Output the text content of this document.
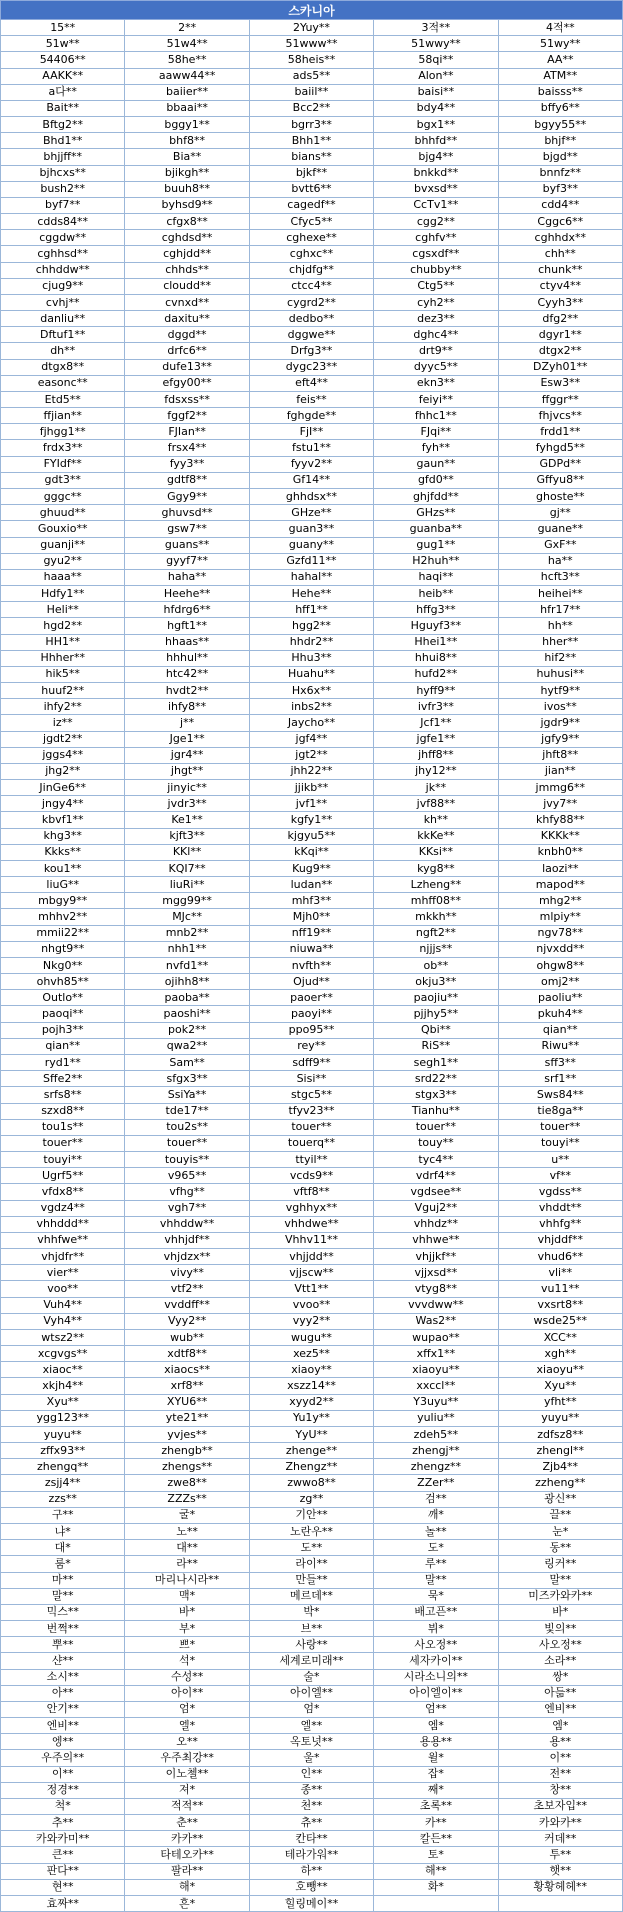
스카니아				
15**	2**	2Yuy**	3적**	4적**
51w**	51w4**	51www**	51wwy**	51wy**
54406**	58he**	58heis**	58qi**	AA**
AAKK**	aaww44**	ads5**	Alon**	ATM**
a다**	baiier**	baiil**	baisi**	baisss**
Bait**	bbaai**	Bcc2**	bdy4**	bffy6**
Bftg2**	bggy1**	bgrr3**	bgx1**	bgyy55**
Bhd1**	bhf8**	Bhh1**	bhhfd**	bhjf**
bhjjff**	Bia**	bians**	bjg4**	bjgd**
bjhcxs**	bjikgh**	bjkf**	bnkkd**	bnnfz**
bush2**	buuh8**	bvtt6**	bvxsd**	byf3**
byf7**	byhsd9**	cagedf**	CcTv1**	cdd4**
cdds84**	cfgx8**	Cfyc5**	cgg2**	Cggc6**
cggdw**	cghdsd**	cghexe**	cghfv**	cghhdx**
cghhsd**	cghjdd**	cghxc**	cgsxdf**	chh**
chhddw**	chhds**	chjdfg**	chubby**	chunk**
cjug9**	cloudd**	ctcc4**	Ctg5**	ctyv4**
cvhj**	cvnxd**	cygrd2**	cyh2**	Cyyh3**
danliu**	daxitu**	dedbo**	dez3**	dfg2**
Dftuf1**	dggd**	dggwe**	dghc4**	dgyr1**
dh**	drfc6**	Drfg3**	drt9**	dtgx2**
dtgx8**	dufe13**	dygc23**	dyyc5**	DZyh01**
easonc**	efgy00**	eft4**	ekn3**	Esw3**
Etd5**	fdsxss**	feis**	feiyi**	ffggr**
ffjian**	fggf2**	fghgde**	fhhc1**	fhjvcs**
fjhgg1**	FJIan**	FjI**	FJqi**	frdd1**
frdx3**	frsx4**	fstu1**	fyh**	fyhgd5**
FYIdf**	fyy3**	fyyv2**	gaun**	GDPd**
gdt3**	gdtf8**	Gf14**	gfd0**	Gffyu8**
gggc**	Ggy9**	ghhdsx**	ghjfdd**	ghoste**
ghuud**	ghuvsd**	GHze**	GHzs**	gj**
Gouxio**	gsw7**	guan3**	guanba**	guane**
guanji**	guans**	guany**	gug1**	GxF**
gyu2**	gyyf7**	Gzfd11**	H2huh**	ha**
haaa**	haha**	hahal**	haqi**	hcft3**
Hdfy1**	Heehe**	Hehe**	heib**	heihei**
Heli**	hfdrg6**	hff1**	hffg3**	hfr17**
hgd2**	hgft1**	hgg2**	Hguyf3**	hh**
HH1**	hhaas**	hhdr2**	Hhei1**	hher**
Hhher**	hhhul**	Hhu3**	hhui8**	hif2**
hik5**	htc42**	Huahu**	hufd2**	huhusi**
huuf2**	hvdt2**	Hx6x**	hyff9**	hytf9**
ihfy2**	ihfy8**	inbs2**	ivfr3**	ivos**
iz**	j**	Jaycho**	Jcf1**	jgdr9**
jgdt2**	Jge1**	jgf4**	jgfe1**	jgfy9**
jggs4**	jgr4**	jgt2**	jhff8**	jhft8**
jhg2**	jhgt**	jhh22**	jhy12**	jian**
JinGe6**	jinyic**	jjikb**	jk**	jmmg6**
jngy4**	jvdr3**	jvf1**	jvf88**	jvy7**
kbvf1**	Ke1**	kgfy1**	kh**	khfy88**
khg3**	kjft3**	kjgyu5**	kkKe**	KKKk**
Kkks**	KKl**	kKqi**	KKsi**	knbh0**
kou1**	KQI7**	Kug9**	kyg8**	laozi**
liuG**	liuRi**	ludan**	Lzheng**	mapod**
mbgy9**	mgg99**	mhf3**	mhff08**	mhg2**
mhhv2**	MJc**	Mjh0**	mkkh**	mlpiy**
mmii22**	mnb2**	nff19**	ngft2**	ngv78**
nhgt9**	nhh1**	niuwa**	njjjs**	njvxdd**
Nkg0**	nvfd1**	nvfth**	ob**	ohgw8**
ohvh85**	ojihh8**	Ojud**	okju3**	omj2**
Outlo**	paoba**	paoer**	paojiu**	paoliu**
paoqi**	paoshi**	paoyi**	pjjhy5**	pkuh4**
pojh3**	pok2**	ppo95**	Qbi**	qian**
qian**	qwa2**	rey**	RiS**	Riwu**
ryd1**	Sam**	sdff9**	segh1**	sff3**
Sffe2**	sfgx3**	Sisi**	srd22**	srf1**
srfs8**	SsiYa**	stgc5**	stgx3**	Sws84**
szxd8**	tde17**	tfyv23**	Tianhu**	tie8ga**
tou1s**	tou2s**	touer**	touer**	touer**
touer**	touer**	touerq**	touy**	touyi**
touyi**	touyis**	ttyil**	tyc4**	u**
Ugrf5**	v965**	vcds9**	vdrf4**	vf**
vfdx8**	vfhg**	vftf8**	vgdsee**	vgdss**
vgdz4**	vgh7**	vghhyx**	Vguj2**	vhddt**
vhhddd**	vhhddw**	vhhdwe**	vhhdz**	vhhfg**
vhhfwe**	vhhjdf**	Vhhv11**	vhhwe**	vhjddf**
vhjdfr**	vhjdzx**	vhjjdd**	vhjjkf**	vhud6**
vier**	vivy**	vjjscw**	vjjxsd**	vli**
voo**	vtf2**	Vtt1**	vtyg8**	vu11**
Vuh4**	vvddff**	vvoo**	vvvdww**	vxsrt8**
Vyh4**	Vyy2**	vyy2**	Was2**	wsde25**
wtsz2**	wub**	wugu**	wupao**	XCC**
xcgvgs**	xdtf8**	xez5**	xffx1**	xgh**
xiaoc**	xiaocs**	xiaoy**	xiaoyu**	xiaoyu**
xkjh4**	xrf8**	xszz14**	xxccl**	Xyu**
Xyu**	XYU6**	xyyd2**	Y3uyu**	yfht**
ygg123**	yte21**	Yu1y**	yuliu**	yuyu**
yuyu**	yvjes**	YyU**	zdeh5**	zdfsz8**
zffx93**	zhengb**	zhenge**	zhengj**	zhengl**
zhengq**	zhengs**	Zhengz**	zhengz**	Zjb4**
zsjj4**	zwe8**	zwwo8**	ZZer**	zzheng**
zzs**	ZZZs**	zg**	검**	광신**
구**	굴*	기안**	깨*	끌**
냐*	노**	노란우**	놀**	눈*
대*	대**	도**	도*	동**
룸*	라**	라이**	루**	링커**
마**	마리나시라**	만들**	말**	말**
말**	맥*	메르데**	묵*	미즈카와카**
믹스**	바*	박*	배고픈**	바*
번쩍**	부*	브**	뷔*	빛의**
뿌**	쁘*	사랑**	사오정**	사오정**
샨**	석*	세계로미래**	세자카이**	소라**
소시**	수성**	술*	시라소니의**	쌍*
아**	아이**	아이엘**	아이엘이**	아듦**
안기**	엄*	엄*	엄**	엔비**
엔비**	엘*	엘**	엠*	엠*
엥**	오**	옥토넛**	용용**	용**
우주의**	우주최강**	울*	윌*	이**
이**	이노첼**	인**	잡*	전**
정경**	져*	종**	째*	창**
척*	적적**	천**	초록**	초보자입**
추**	춘**	츄**	카**	카와카**
카와카미**	카카**	칸타**	칼든**	커데**
큰**	타테오카**	테라가워**	토*	투**
판다**	팔라**	하**	해**	햇**
현**	해*	호뺑**	화*	황황헤헤**
효짜**	흔*	힐링메이**		
